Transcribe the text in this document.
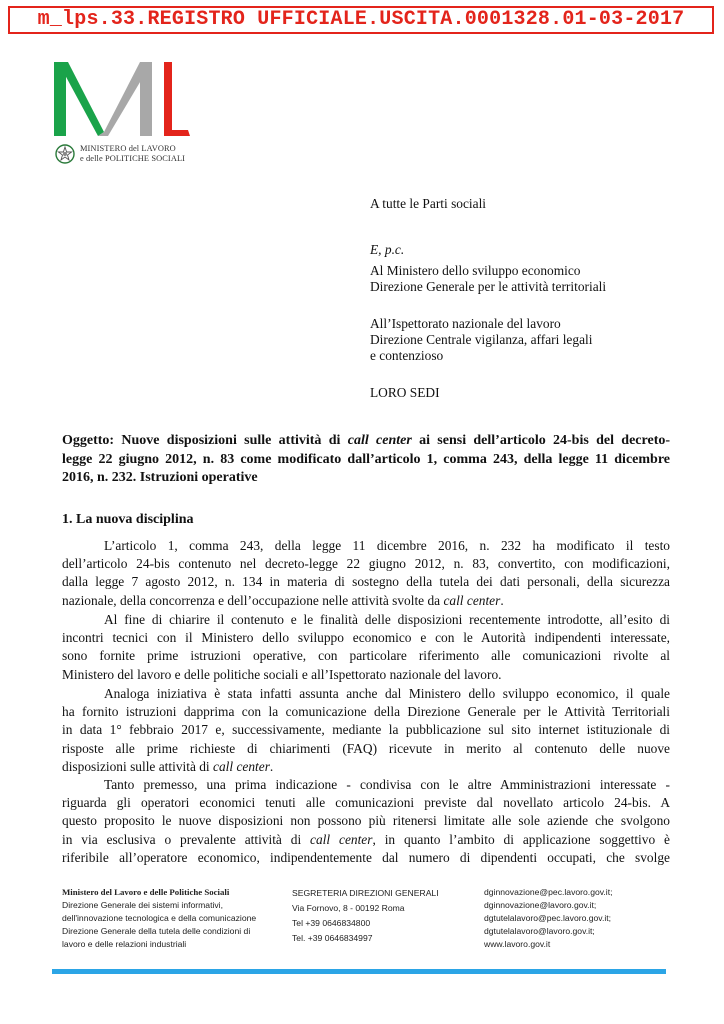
m_lps.33.REGISTRO UFFICIALE.USCITA.0001328.01-03-2017
MINISTERO del LAVORO
e delle POLITICHE SOCIALI
A tutte le Parti sociali
E, p.c.
Al Ministero dello sviluppo economico
Direzione Generale per le attività territoriali
All’Ispettorato nazionale del lavoro
Direzione Centrale vigilanza, affari legali
e contenzioso
LORO SEDI
Oggetto: Nuove disposizioni sulle attività di call center ai sensi dell’articolo 24-bis del decreto-
legge 22 giugno 2012, n. 83 come modificato dall’articolo 1, comma 243, della legge 11 dicembre
2016, n. 232. Istruzioni operative
1. La nuova disciplina
L’articolo 1, comma 243, della legge 11 dicembre 2016, n. 232 ha modificato il testo
dell’articolo 24-bis contenuto nel decreto-legge 22 giugno 2012, n. 83, convertito, con modificazioni,
dalla legge 7 agosto 2012, n. 134 in materia di sostegno della tutela dei dati personali, della sicurezza
nazionale, della concorrenza e dell’occupazione nelle attività svolte da call center.
Al fine di chiarire il contenuto e le finalità delle disposizioni recentemente introdotte, all’esito di
incontri tecnici con il Ministero dello sviluppo economico e con le Autorità indipendenti interessate,
sono fornite prime istruzioni operative, con particolare riferimento alle comunicazioni rivolte al
Ministero del lavoro e delle politiche sociali e all’Ispettorato nazionale del lavoro.
Analoga iniziativa è stata infatti assunta anche dal Ministero dello sviluppo economico, il quale
ha fornito istruzioni dapprima con la comunicazione della Direzione Generale per le Attività Territoriali
in data 1° febbraio 2017 e, successivamente, mediante la pubblicazione sul sito internet istituzionale di
risposte alle prime richieste di chiarimenti (FAQ) ricevute in merito al contenuto delle nuove
disposizioni sulle attività di call center.
Tanto premesso, una prima indicazione - condivisa con le altre Amministrazioni interessate -
riguarda gli operatori economici tenuti alle comunicazioni previste dal novellato articolo 24-bis. A
questo proposito le nuove disposizioni non possono più ritenersi limitate alle sole aziende che svolgono
in via esclusiva o prevalente attività di call center, in quanto l’ambito di applicazione soggettivo è
riferibile all’operatore economico, indipendentemente dal numero di dipendenti occupati, che svolge
Ministero del Lavoro e delle Politiche Sociali
Direzione Generale dei sistemi informativi,
dell'innovazione tecnologica e della comunicazione
Direzione Generale della tutela delle condizioni di
lavoro e delle relazioni industriali
SEGRETERIA DIREZIONI GENERALI
Via Fornovo, 8 - 00192 Roma
Tel +39 0646834800
Tel. +39 0646834997
dginnovazione@pec.lavoro.gov.it;
dginnovazione@lavoro.gov.it;
dgtutelalavoro@pec.lavoro.gov.it;
dgtutelalavoro@lavoro.gov.it;
www.lavoro.gov.it
